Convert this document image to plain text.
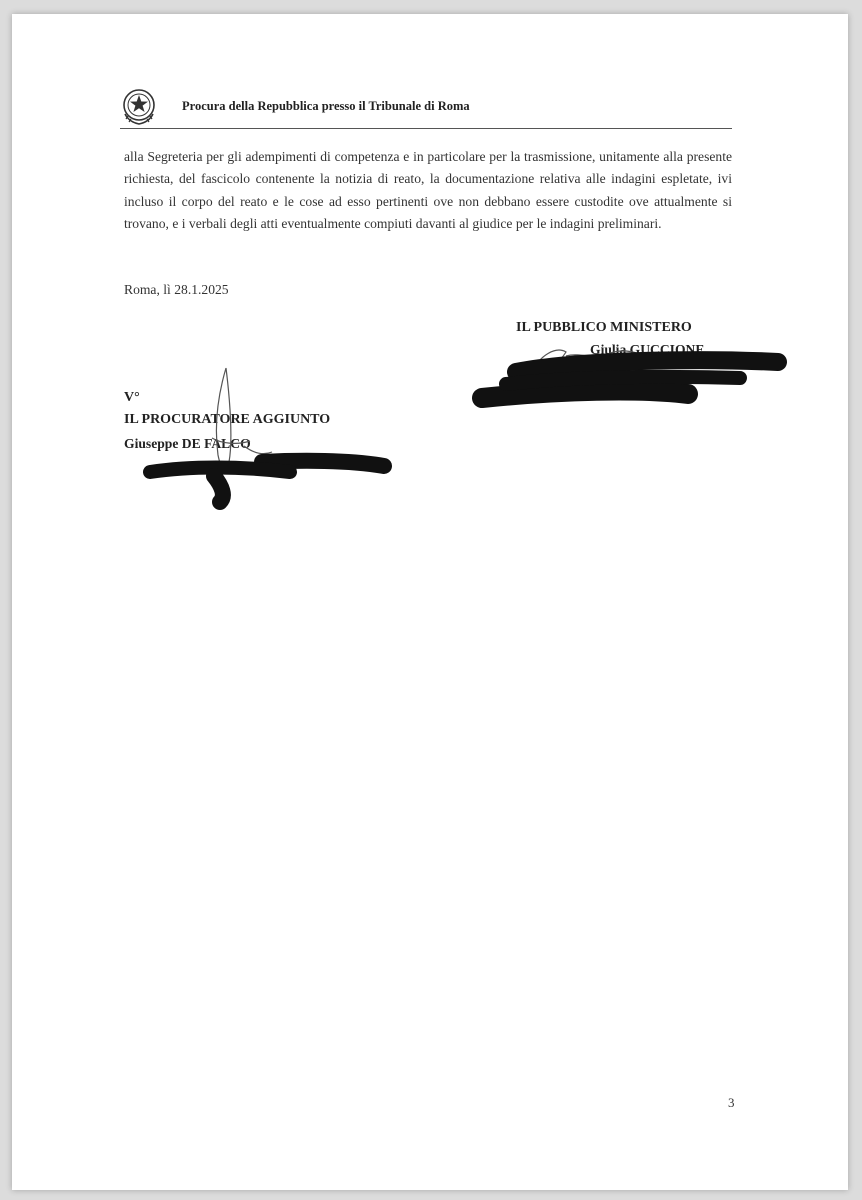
Procura della Repubblica presso il Tribunale di Roma

alla Segreteria per gli adempimenti di competenza e in particolare per la trasmissione, unitamente alla presente richiesta, del fascicolo contenente la notizia di reato, la documentazione relativa alle indagini espletate, ivi incluso il corpo del reato e le cose ad esso pertinenti ove non debbano essere custodite ove attualmente si trovano, e i verbali degli atti eventualmente compiuti davanti al giudice per le indagini preliminari.

Roma, lì 28.1.2025
IL PUBBLICO MINISTERO
Giulia GUCCIONE
V°
IL PROCURATORE AGGIUNTO
Giuseppe DE FALCO
3
